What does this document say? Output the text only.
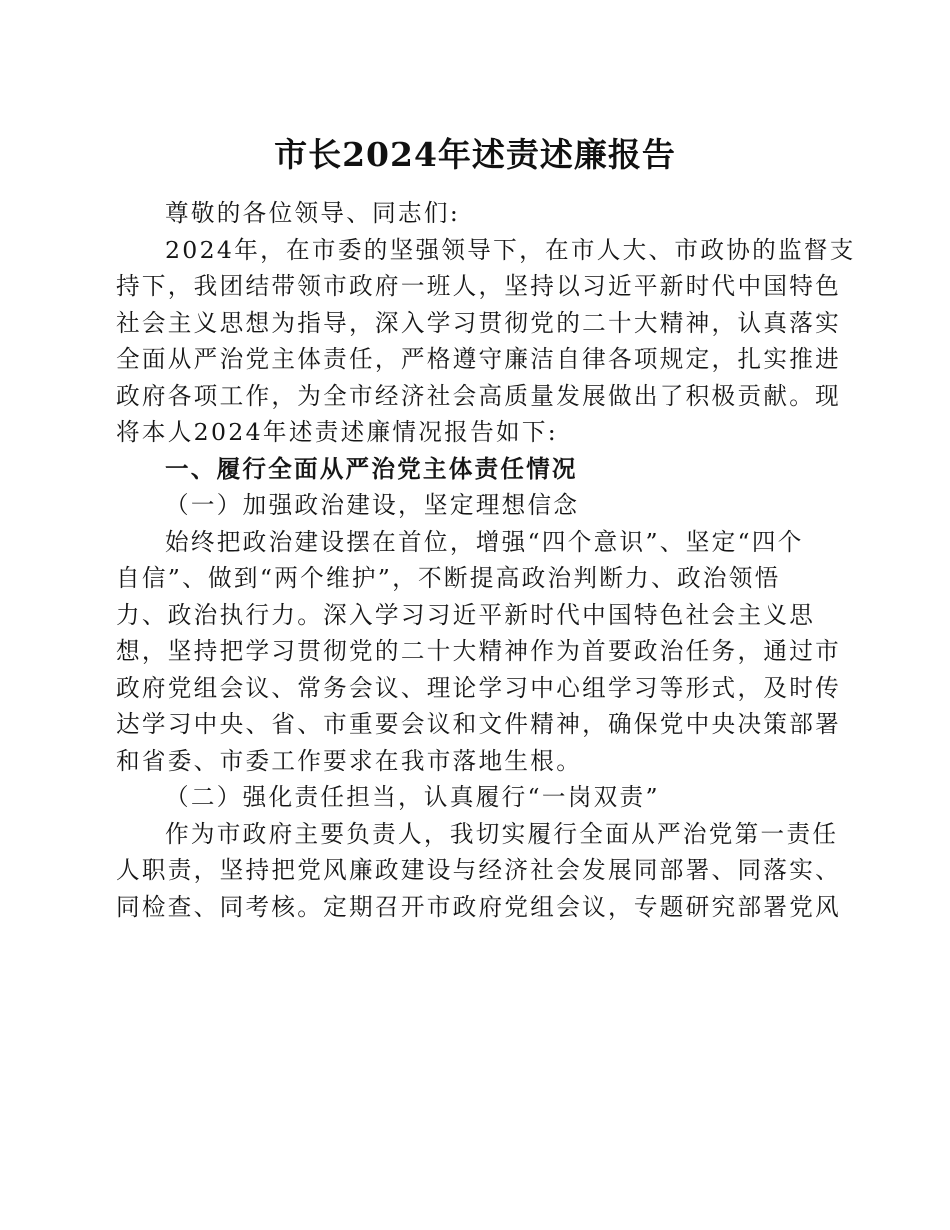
市长2024年述责述廉报告
尊敬的各位领导、同志们:
2024年，在市委的坚强领导下，在市人大、市政协的监督支
持下，我团结带领市政府一班人，坚持以习近平新时代中国特色
社会主义思想为指导，深入学习贯彻党的二十大精神，认真落实
全面从严治党主体责任，严格遵守廉洁自律各项规定，扎实推进
政府各项工作，为全市经济社会高质量发展做出了积极贡献。现
将本人2024年述责述廉情况报告如下:
一、履行全面从严治党主体责任情况
（一）加强政治建设，坚定理想信念
始终把政治建设摆在首位，增强“四个意识”、坚定“四个
自信”、做到“两个维护”，不断提高政治判断力、政治领悟
力、政治执行力。深入学习习近平新时代中国特色社会主义思
想，坚持把学习贯彻党的二十大精神作为首要政治任务，通过市
政府党组会议、常务会议、理论学习中心组学习等形式，及时传
达学习中央、省、市重要会议和文件精神，确保党中央决策部署
和省委、市委工作要求在我市落地生根。
（二）强化责任担当，认真履行“一岗双责”
作为市政府主要负责人，我切实履行全面从严治党第一责任
人职责，坚持把党风廉政建设与经济社会发展同部署、同落实、
同检查、同考核。定期召开市政府党组会议，专题研究部署党风
